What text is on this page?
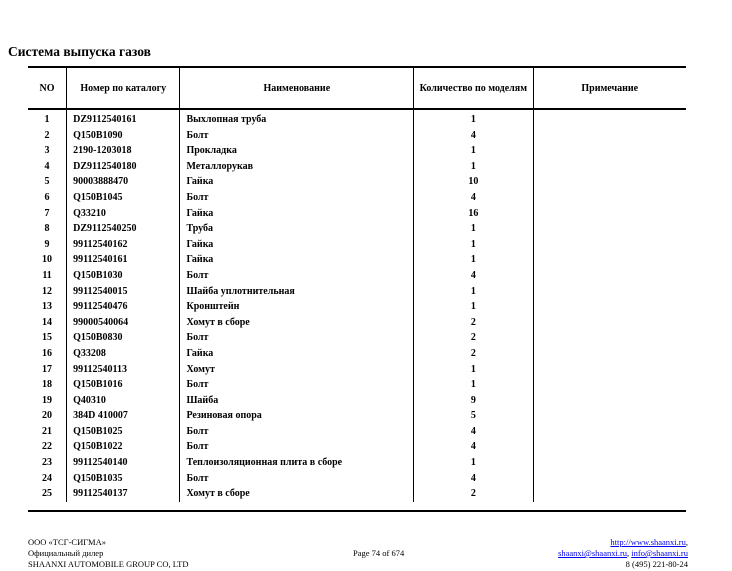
Система выпуска газов
NO	Номер по каталогу	Наименование	Количество по моделям	Примечание
1	DZ9112540161	Выхлопная труба	1	
2	Q150B1090	Болт	4	
3	2190-1203018	Прокладка	1	
4	DZ9112540180	Металлорукав	1	
5	90003888470	Гайка	10	
6	Q150B1045	Болт	4	
7	Q33210	Гайка	16	
8	DZ9112540250	Труба	1	
9	99112540162	Гайка	1	
10	99112540161	Гайка	1	
11	Q150B1030	Болт	4	
12	99112540015	Шайба уплотнительная	1	
13	99112540476	Кронштейн	1	
14	99000540064	Хомут в сборе	2	
15	Q150B0830	Болт	2	
16	Q33208	Гайка	2	
17	99112540113	Хомут	1	
18	Q150B1016	Болт	1	
19	Q40310	Шайба	9	
20	384D 410007	Резиновая опора	5	
21	Q150B1025	Болт	4	
22	Q150B1022	Болт	4	
23	99112540140	Теплоизоляционная плита в сборе	1	
24	Q150B1035	Болт	4	
25	99112540137	Хомут в сборе	2	
ООО «ТСГ-СИГМА»
Официальный дилер
SHAANXI AUTOMOBILE GROUP CO, LTD
Page 74 of 674
http://www.shaanxi.ru,
shaanxi@shaanxi.ru, info@shaanxi.ru
8 (495) 221-80-24
